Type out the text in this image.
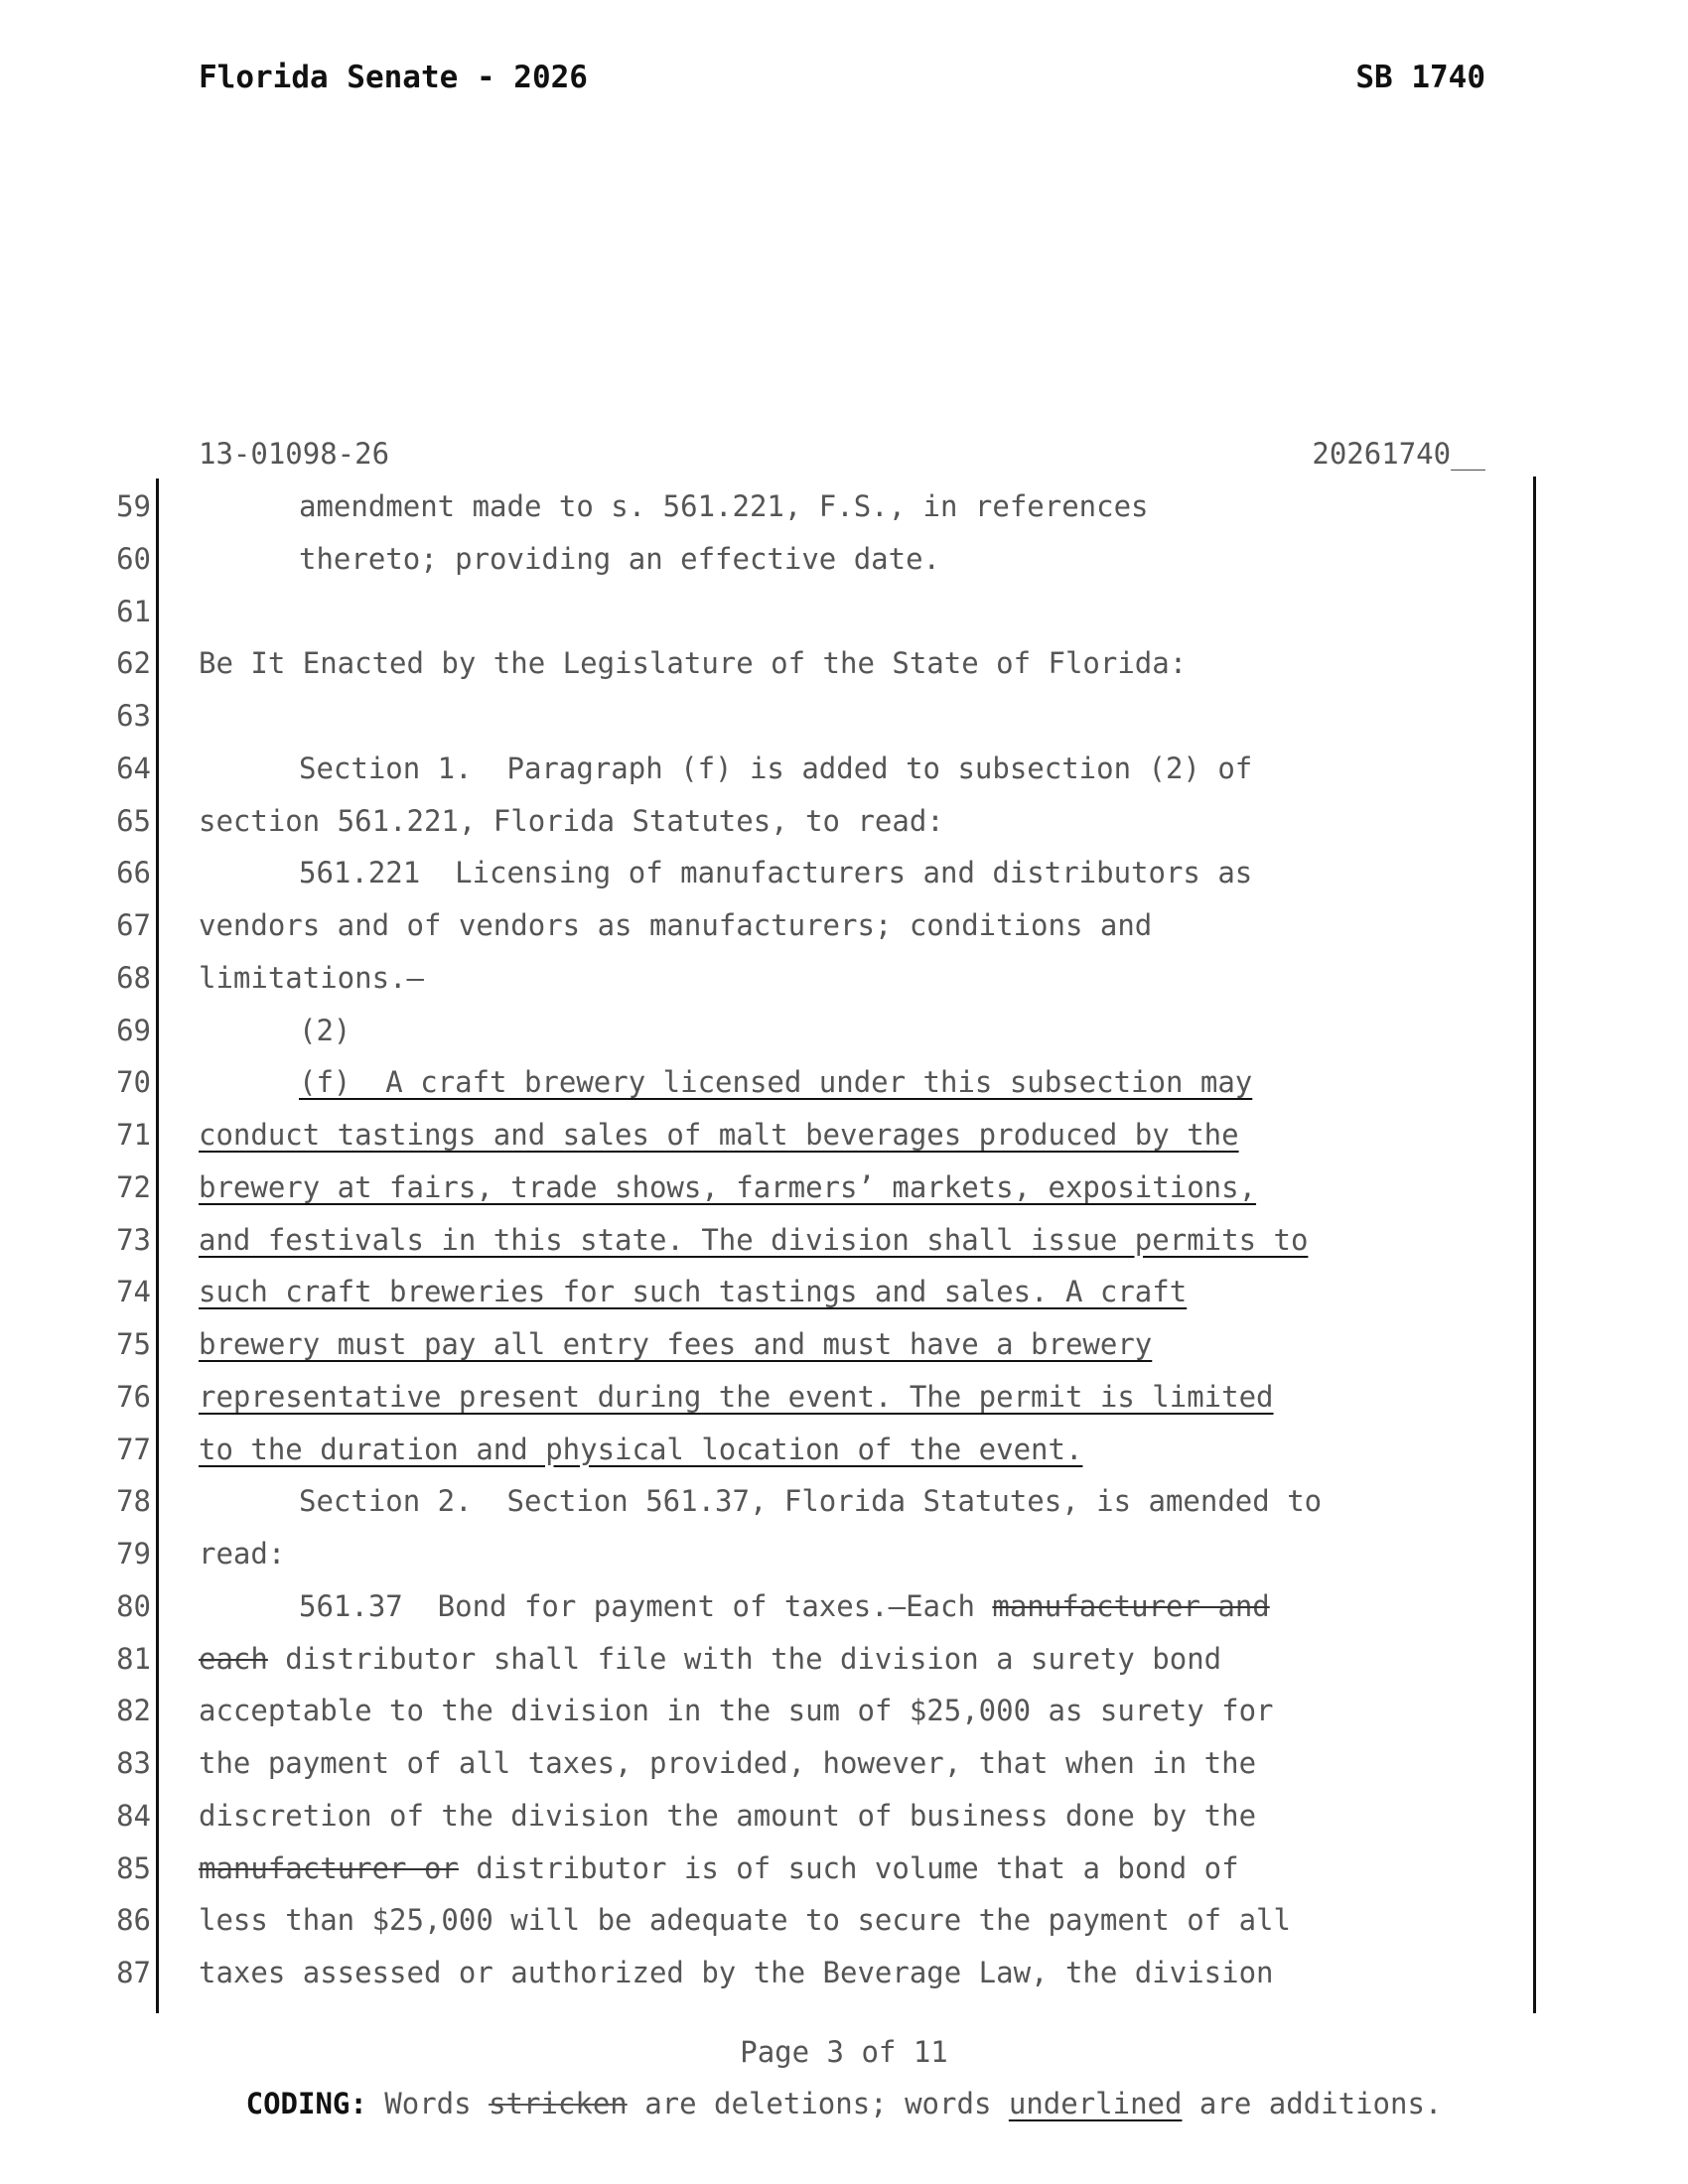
Florida Senate - 2026	SB 1740
13-01098-26	20261740__
59
60
61
62
63
64
65
66
67
68
69
70
71
72
73
74
75
76
77
78
79
80
81
82
83
84
85
86
87
amendment made to s. 561.221, F.S., in references
thereto; providing an effective date.
Be It Enacted by the Legislature of the State of Florida:
Section 1.  Paragraph (f) is added to subsection (2) of
section 561.221, Florida Statutes, to read:
561.221  Licensing of manufacturers and distributors as
vendors and of vendors as manufacturers; conditions and
limitations.—
(2)
(f)  A craft brewery licensed under this subsection may
conduct tastings and sales of malt beverages produced by the
brewery at fairs, trade shows, farmers’ markets, expositions,
and festivals in this state. The division shall issue permits to
such craft breweries for such tastings and sales. A craft
brewery must pay all entry fees and must have a brewery
representative present during the event. The permit is limited
to the duration and physical location of the event.
Section 2.  Section 561.37, Florida Statutes, is amended to
read:
561.37  Bond for payment of taxes.—Each manufacturer and
each distributor shall file with the division a surety bond
acceptable to the division in the sum of $25,000 as surety for
the payment of all taxes, provided, however, that when in the
discretion of the division the amount of business done by the
manufacturer or distributor is of such volume that a bond of
less than $25,000 will be adequate to secure the payment of all
taxes assessed or authorized by the Beverage Law, the division
Page 3 of 11
CODING: Words stricken are deletions; words underlined are additions.
